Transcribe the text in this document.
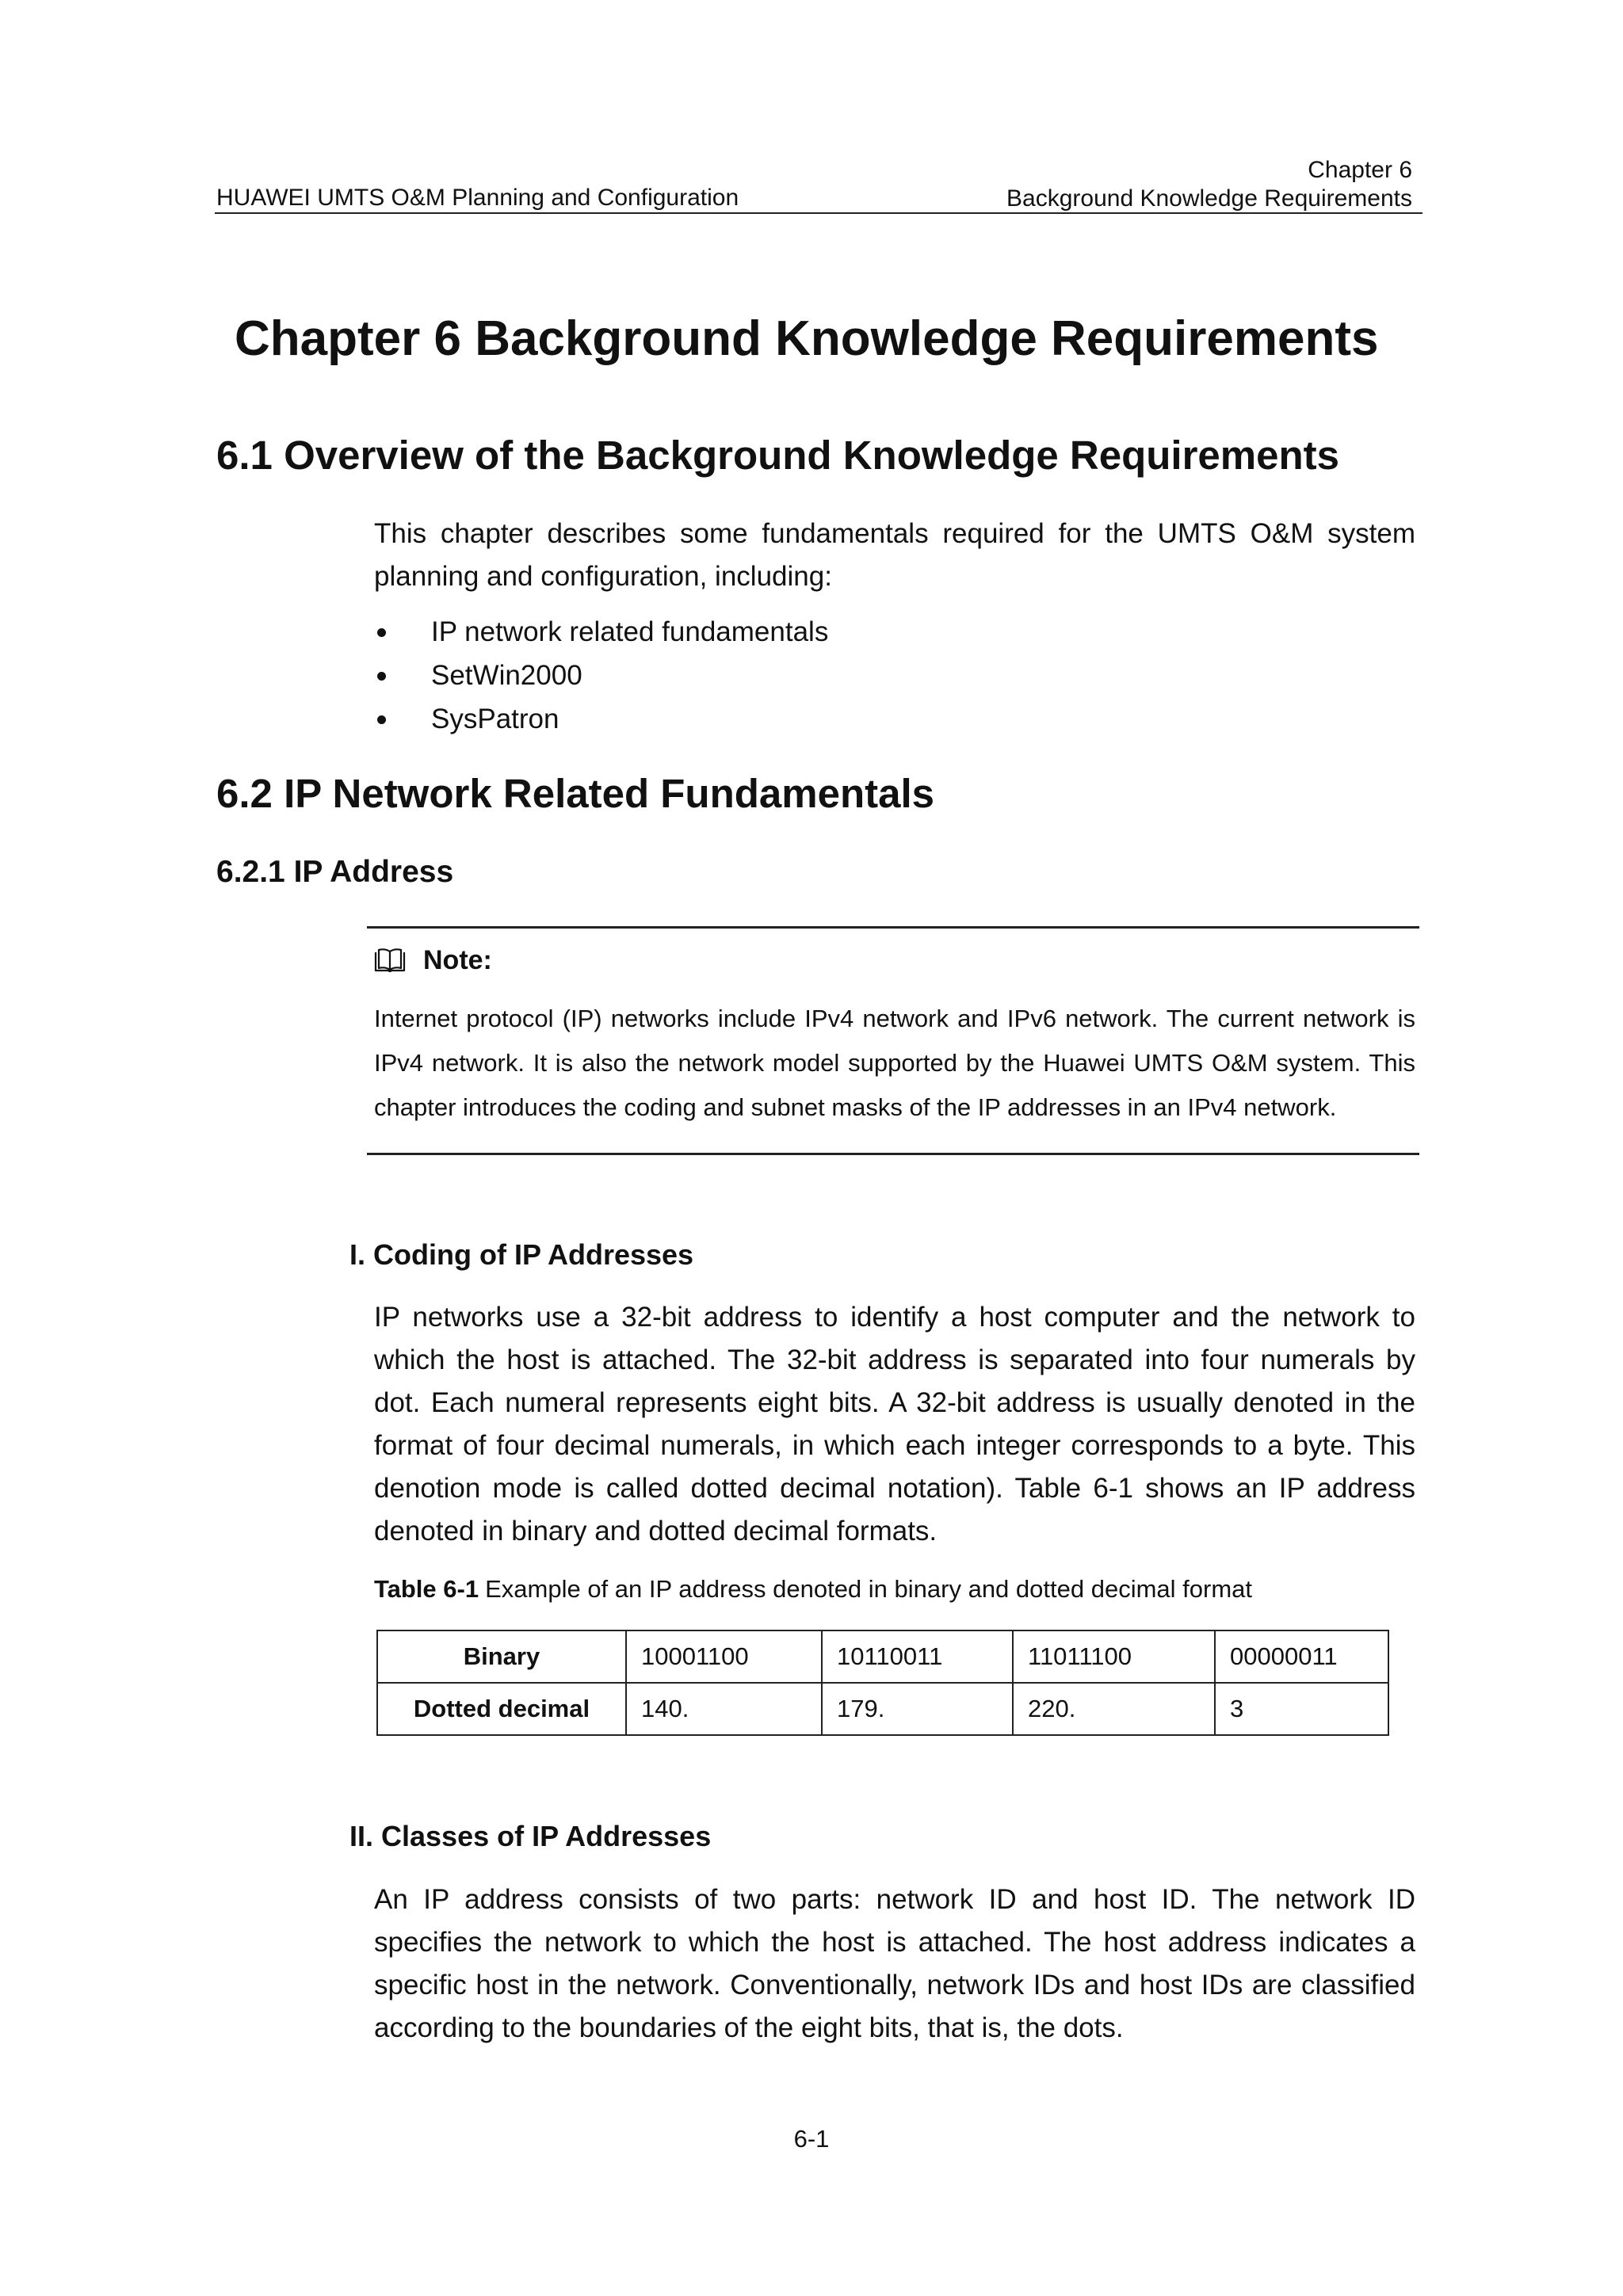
HUAWEI UMTS O&M Planning and Configuration
Chapter 6
Background Knowledge Requirements
Chapter 6 Background Knowledge Requirements
6.1 Overview of the Background Knowledge Requirements

This chapter describes some fundamentals required for the UMTS O&M system planning and configuration, including:

IP network related fundamentals
SetWin2000
SysPatron
6.2 IP Network Related Fundamentals
6.2.1 IP Address
Note:

Internet protocol (IP) networks include IPv4 network and IPv6 network. The current network is IPv4 network. It is also the network model supported by the Huawei UMTS O&M system. This chapter introduces the coding and subnet masks of the IP addresses in an IPv4 network.

I. Coding of IP Addresses

IP networks use a 32-bit address to identify a host computer and the network to which the host is attached. The 32-bit address is separated into four numerals by dot. Each numeral represents eight bits. A 32-bit address is usually denoted in the format of four decimal numerals, in which each integer corresponds to a byte. This denotion mode is called dotted decimal notation). Table 6-1 shows an IP address denoted in binary and dotted decimal formats.

Table 6-1 Example of an IP address denoted in binary and dotted decimal format
Binary	10001100	10110011	11011100	00000011
Dotted decimal	140.	179.	220.	3
II. Classes of IP Addresses

An IP address consists of two parts: network ID and host ID. The network ID specifies the network to which the host is attached. The host address indicates a specific host in the network. Conventionally, network IDs and host IDs are classified according to the boundaries of the eight bits, that is, the dots.

6-1
